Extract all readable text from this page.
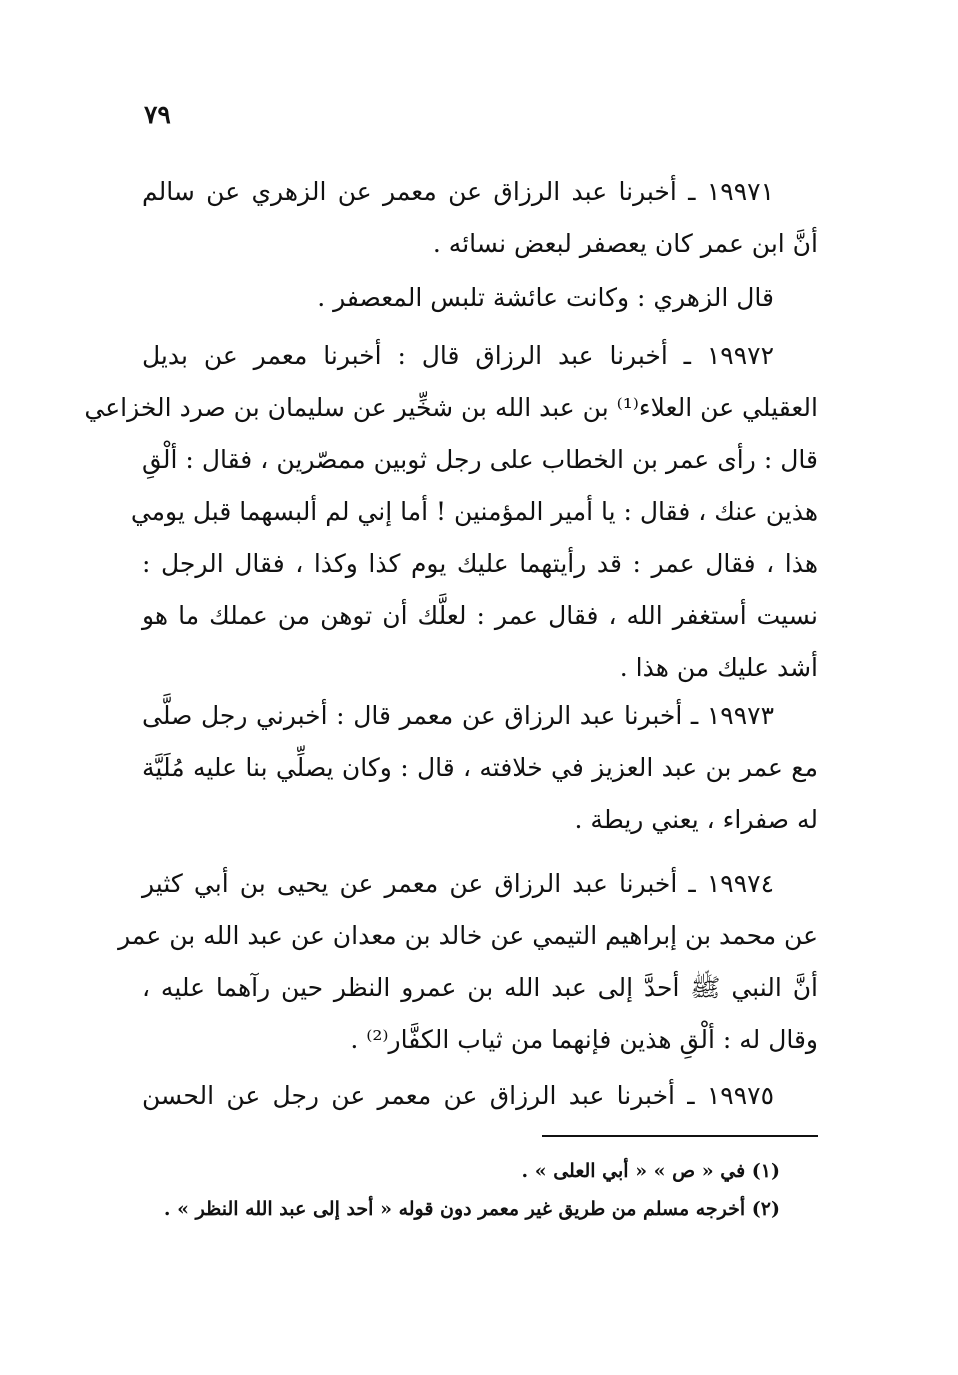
٧٩
١٩٩٧١ ـ أخبرنا عبد الرزاق عن معمر عن الزهري عن سالم
أنَّ ابن عمر كان يعصفر لبعض نسائه .
قال الزهري : وكانت عائشة تلبس المعصفر .
١٩٩٧٢ ـ أخبرنا عبد الرزاق قال : أخبرنا معمر عن بديل
العقيلي عن العلاء⁽¹⁾ بن عبد الله بن شخِّير عن سليمان بن صرد الخزاعي
قال : رأى عمر بن الخطاب على رجل ثوبين ممصّرين ، فقال : ألْقِ
هذين عنك ، فقال : يا أمير المؤمنين ! أما إني لم ألبسهما قبل يومي
هذا ، فقال عمر : قد رأيتهما عليك يوم كذا وكذا ، فقال الرجل :
نسيت أستغفر الله ، فقال عمر : لعلَّك أن توهن من عملك ما هو
أشد عليك من هذا .
١٩٩٧٣ ـ أخبرنا عبد الرزاق عن معمر قال : أخبرني رجل صلَّى
مع عمر بن عبد العزيز في خلافته ، قال : وكان يصلِّي بنا عليه مُلَيَّة
له صفراء ، يعني ريطة .
١٩٩٧٤ ـ أخبرنا عبد الرزاق عن معمر عن يحيى بن أبي كثير
عن محمد بن إبراهيم التيمي عن خالد بن معدان عن عبد الله بن عمر
أنَّ النبي ﷺ أحدَّ إلى عبد الله بن عمرو النظر حين رآهما عليه ،
وقال له : ألْقِ هذين فإنهما من ثياب الكفَّار⁽²⁾ .
١٩٩٧٥ ـ أخبرنا عبد الرزاق عن معمر عن رجل عن الحسن
(١) في « ص » « أبي العلى » .
(٢) أخرجه مسلم من طريق غير معمر دون قوله « أحد إلى عبد الله النظر » .
